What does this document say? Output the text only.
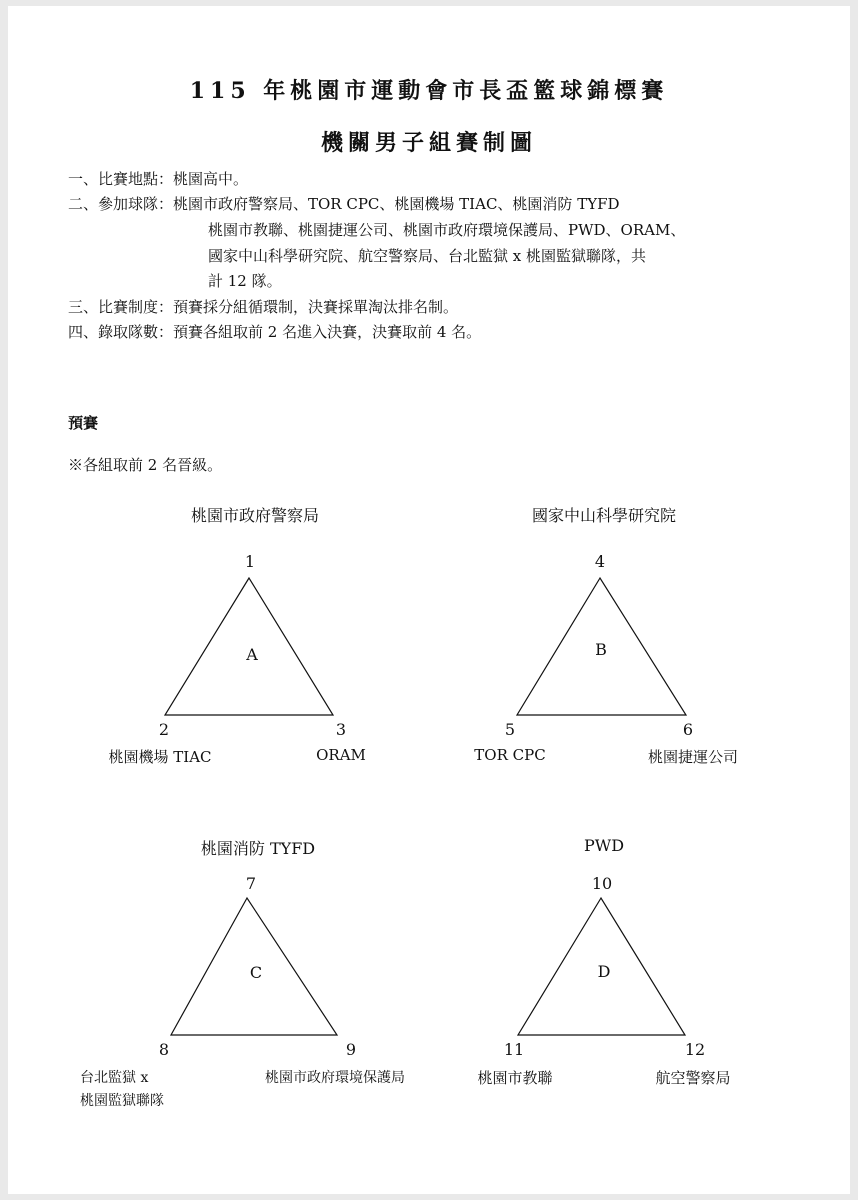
115 年桃園市運動會市長盃籃球錦標賽
機關男子組賽制圖
一、比賽地點：桃園高中。
二、參加球隊：桃園市政府警察局、TOR CPC、桃園機場 TIAC、桃園消防 TYFD
桃園市教聯、桃園捷運公司、桃園市政府環境保護局、PWD、ORAM、
國家中山科學研究院、航空警察局、台北監獄 x 桃園監獄聯隊，共
計 12 隊。
三、比賽制度：預賽採分組循環制，決賽採單淘汰排名制。
四、錄取隊數：預賽各組取前 2 名進入決賽，決賽取前 4 名。
預賽
※各組取前 2 名晉級。
桃園市政府警察局
1
A
2	3
桃園機場 TIAC	ORAM
國家中山科學研究院
4
B
5	6
TOR CPC	桃園捷運公司
桃園消防 TYFD
7
C
8	9
台北監獄 x
桃園監獄聯隊
桃園市政府環境保護局
PWD
10
D
11	12
桃園市教聯	航空警察局
